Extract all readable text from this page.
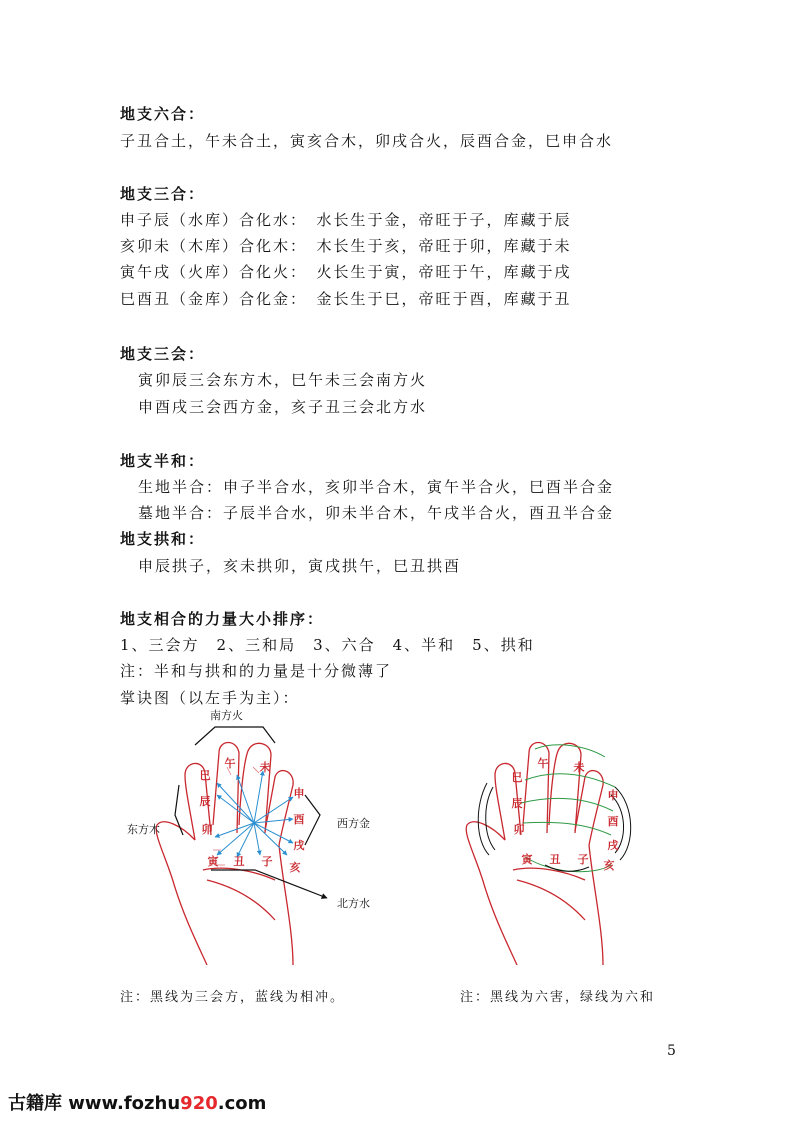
地支六合：
子丑合土，午未合土，寅亥合木，卯戌合火，辰酉合金，巳申合水
地支三合：
申子辰（水库）合化水：　水长生于金，帝旺于子，库藏于辰
亥卯未（木库）合化木：　木长生于亥，帝旺于卯，库藏于未
寅午戌（火库）合化火：　火长生于寅，帝旺于午，库藏于戌
巳酉丑（金库）合化金：　金长生于巳，帝旺于酉，库藏于丑
地支三会：
寅卯辰三会东方木，巳午未三会南方火
申酉戌三会西方金，亥子丑三会北方水
地支半和：
生地半合：申子半合水，亥卯半合木，寅午半合火，巳酉半合金
墓地半合：子辰半合水，卯未半合木，午戌半合火，酉丑半合金
地支拱和：
申辰拱子，亥未拱卯，寅戌拱午，巳丑拱酉
地支相合的力量大小排序：
1、三会方　2、三和局　3、六合　4、半和　5、拱和
注：半和与拱和的力量是十分微薄了
掌诀图（以左手为主）：
巳
辰
卯
午 未
申
酉
戌
亥
子
丑
寅
南方火
东方木	西方金
北方水
巳
辰
卯
午 未
申
酉
戌
亥
子
丑
寅
注：黑线为三会方，蓝线为相冲。	注：黑线为六害，绿线为六和
5
古籍库 www.fozhu920.com
